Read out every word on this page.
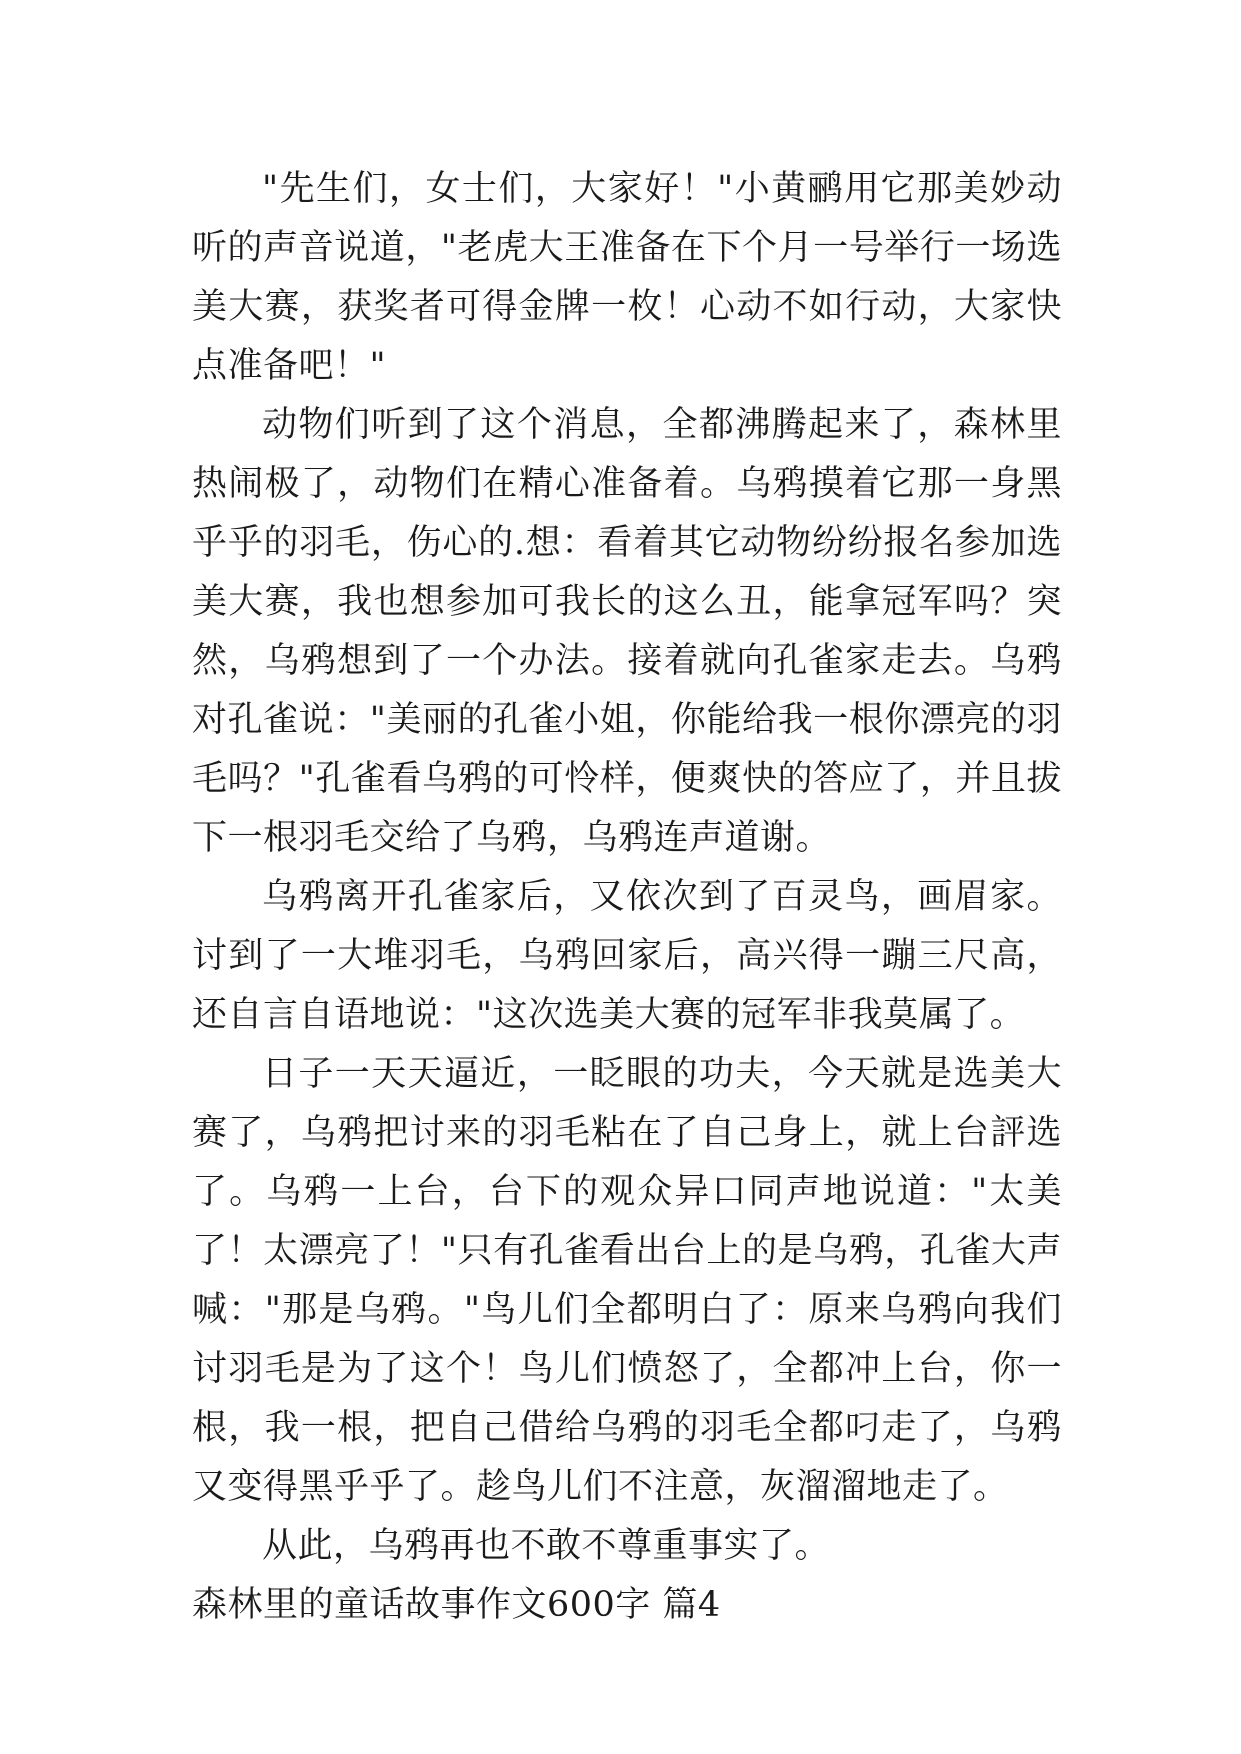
"先生们，女士们，大家好！"小黄鹂用它那美妙动听的声音说道，"老虎大王准备在下个月一号举行一场选美大赛，获奖者可得金牌一枚！心动不如行动，大家快点准备吧！"

动物们听到了这个消息，全都沸腾起来了，森林里热闹极了，动物们在精心准备着。乌鸦摸着它那一身黑乎乎的羽毛，伤心的.想：看着其它动物纷纷报名参加选美大赛，我也想参加可我长的这么丑，能拿冠军吗？突然，乌鸦想到了一个办法。接着就向孔雀家走去。乌鸦对孔雀说："美丽的孔雀小姐，你能给我一根你漂亮的羽毛吗？"孔雀看乌鸦的可怜样，便爽快的答应了，并且拔下一根羽毛交给了乌鸦，乌鸦连声道谢。

乌鸦离开孔雀家后，又依次到了百灵鸟，画眉家。讨到了一大堆羽毛，乌鸦回家后，高兴得一蹦三尺高，还自言自语地说："这次选美大赛的冠军非我莫属了。

日子一天天逼近，一眨眼的功夫，今天就是选美大赛了，乌鸦把讨来的羽毛粘在了自己身上，就上台評选了。乌鸦一上台，台下的观众异口同声地说道："太美了！太漂亮了！"只有孔雀看出台上的是乌鸦，孔雀大声喊："那是乌鸦。"鸟儿们全都明白了：原来乌鸦向我们讨羽毛是为了这个！鸟儿们愤怒了，全都冲上台，你一根，我一根，把自己借给乌鸦的羽毛全都叼走了，乌鸦又变得黑乎乎了。趁鸟儿们不注意，灰溜溜地走了。

从此，乌鸦再也不敢不尊重事实了。

森林里的童话故事作文600字 篇4
